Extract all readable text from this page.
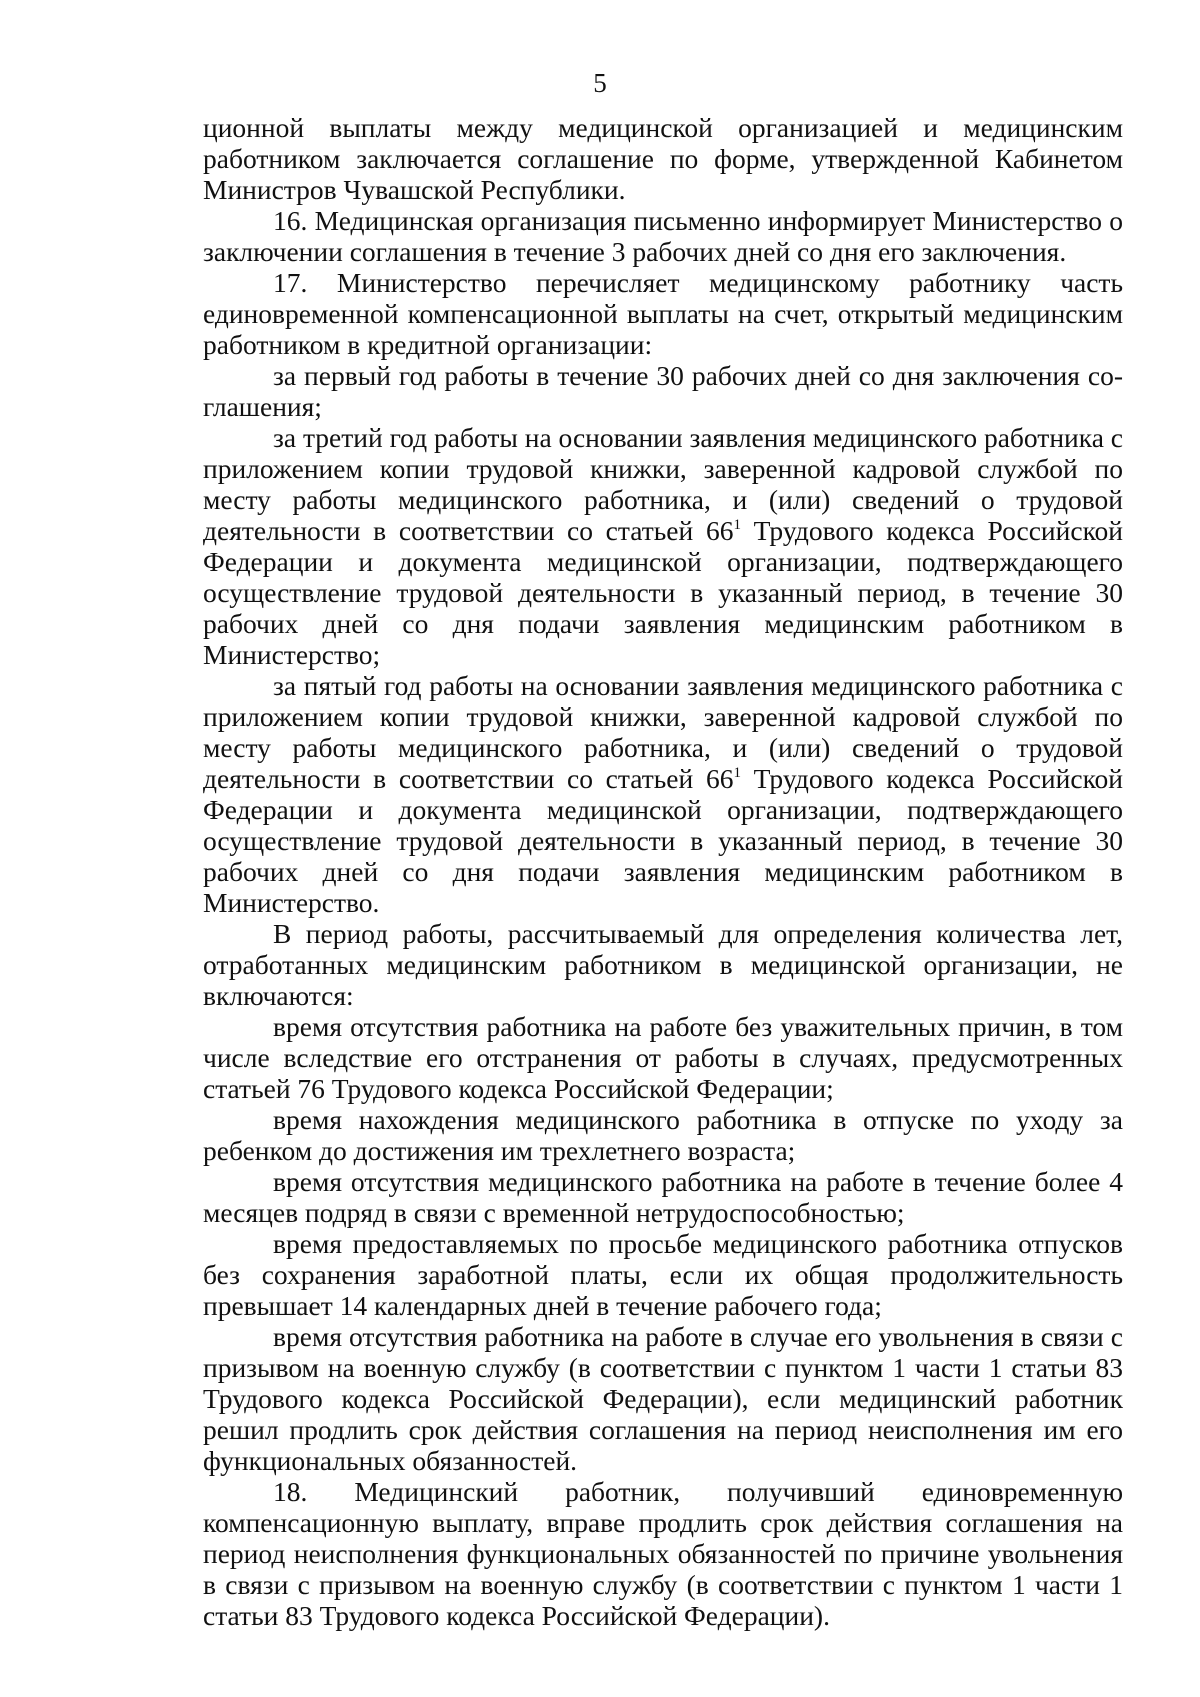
5

ционной выплаты между медицинской организацией и медицинским работником заключается соглашение по форме, утвержденной Кабинетом Министров Чувашской Республики.

16. Медицинская организация письменно информирует Министерство о заключении соглашения в течение 3 рабочих дней со дня его заключения.

17. Министерство перечисляет медицинскому работнику часть единовременной компенсационной выплаты на счет, открытый медицинским работником в кредитной организации:

за первый год работы в течение 30 рабочих дней со дня заключения соглашения;

за третий год работы на основании заявления медицинского работника с приложением копии трудовой книжки, заверенной кадровой службой по месту работы медицинского работника, и (или) сведений о трудовой деятельности в соответствии со статьей $66^1$ Трудового кодекса Российской Федерации и документа медицинской организации, подтверждающего осуществление трудовой деятельности в указанный период, в течение 30 рабочих дней со дня подачи заявления медицинским работником в Министерство;

за пятый год работы на основании заявления медицинского работника с приложением копии трудовой книжки, заверенной кадровой службой по месту работы медицинского работника, и (или) сведений о трудовой деятельности в соответствии со статьей $66^1$ Трудового кодекса Российской Федерации и документа медицинской организации, подтверждающего осуществление трудовой деятельности в указанный период, в течение 30 рабочих дней со дня подачи заявления медицинским работником в Министерство.

В период работы, рассчитываемый для определения количества лет, отработанных медицинским работником в медицинской организации, не включаются:

время отсутствия работника на работе без уважительных причин, в том числе вследствие его отстранения от работы в случаях, предусмотренных статьей 76 Трудового кодекса Российской Федерации;

время нахождения медицинского работника в отпуске по уходу за ребенком до достижения им трехлетнего возраста;

время отсутствия медицинского работника на работе в течение более 4 месяцев подряд в связи с временной нетрудоспособностью;

время предоставляемых по просьбе медицинского работника отпусков без сохранения заработной платы, если их общая продолжительность превышает 14 календарных дней в течение рабочего года;

время отсутствия работника на работе в случае его увольнения в связи с призывом на военную службу (в соответствии с пунктом 1 части 1 статьи 83 Трудового кодекса Российской Федерации), если медицинский работник решил продлить срок действия соглашения на период неисполнения им его функциональных обязанностей.

18. Медицинский работник, получивший единовременную компенсационную выплату, вправе продлить срок действия соглашения на период неисполнения функциональных обязанностей по причине увольнения в связи с призывом на военную службу (в соответствии с пунктом 1 части 1 статьи 83 Трудового кодекса Российской Федерации).
